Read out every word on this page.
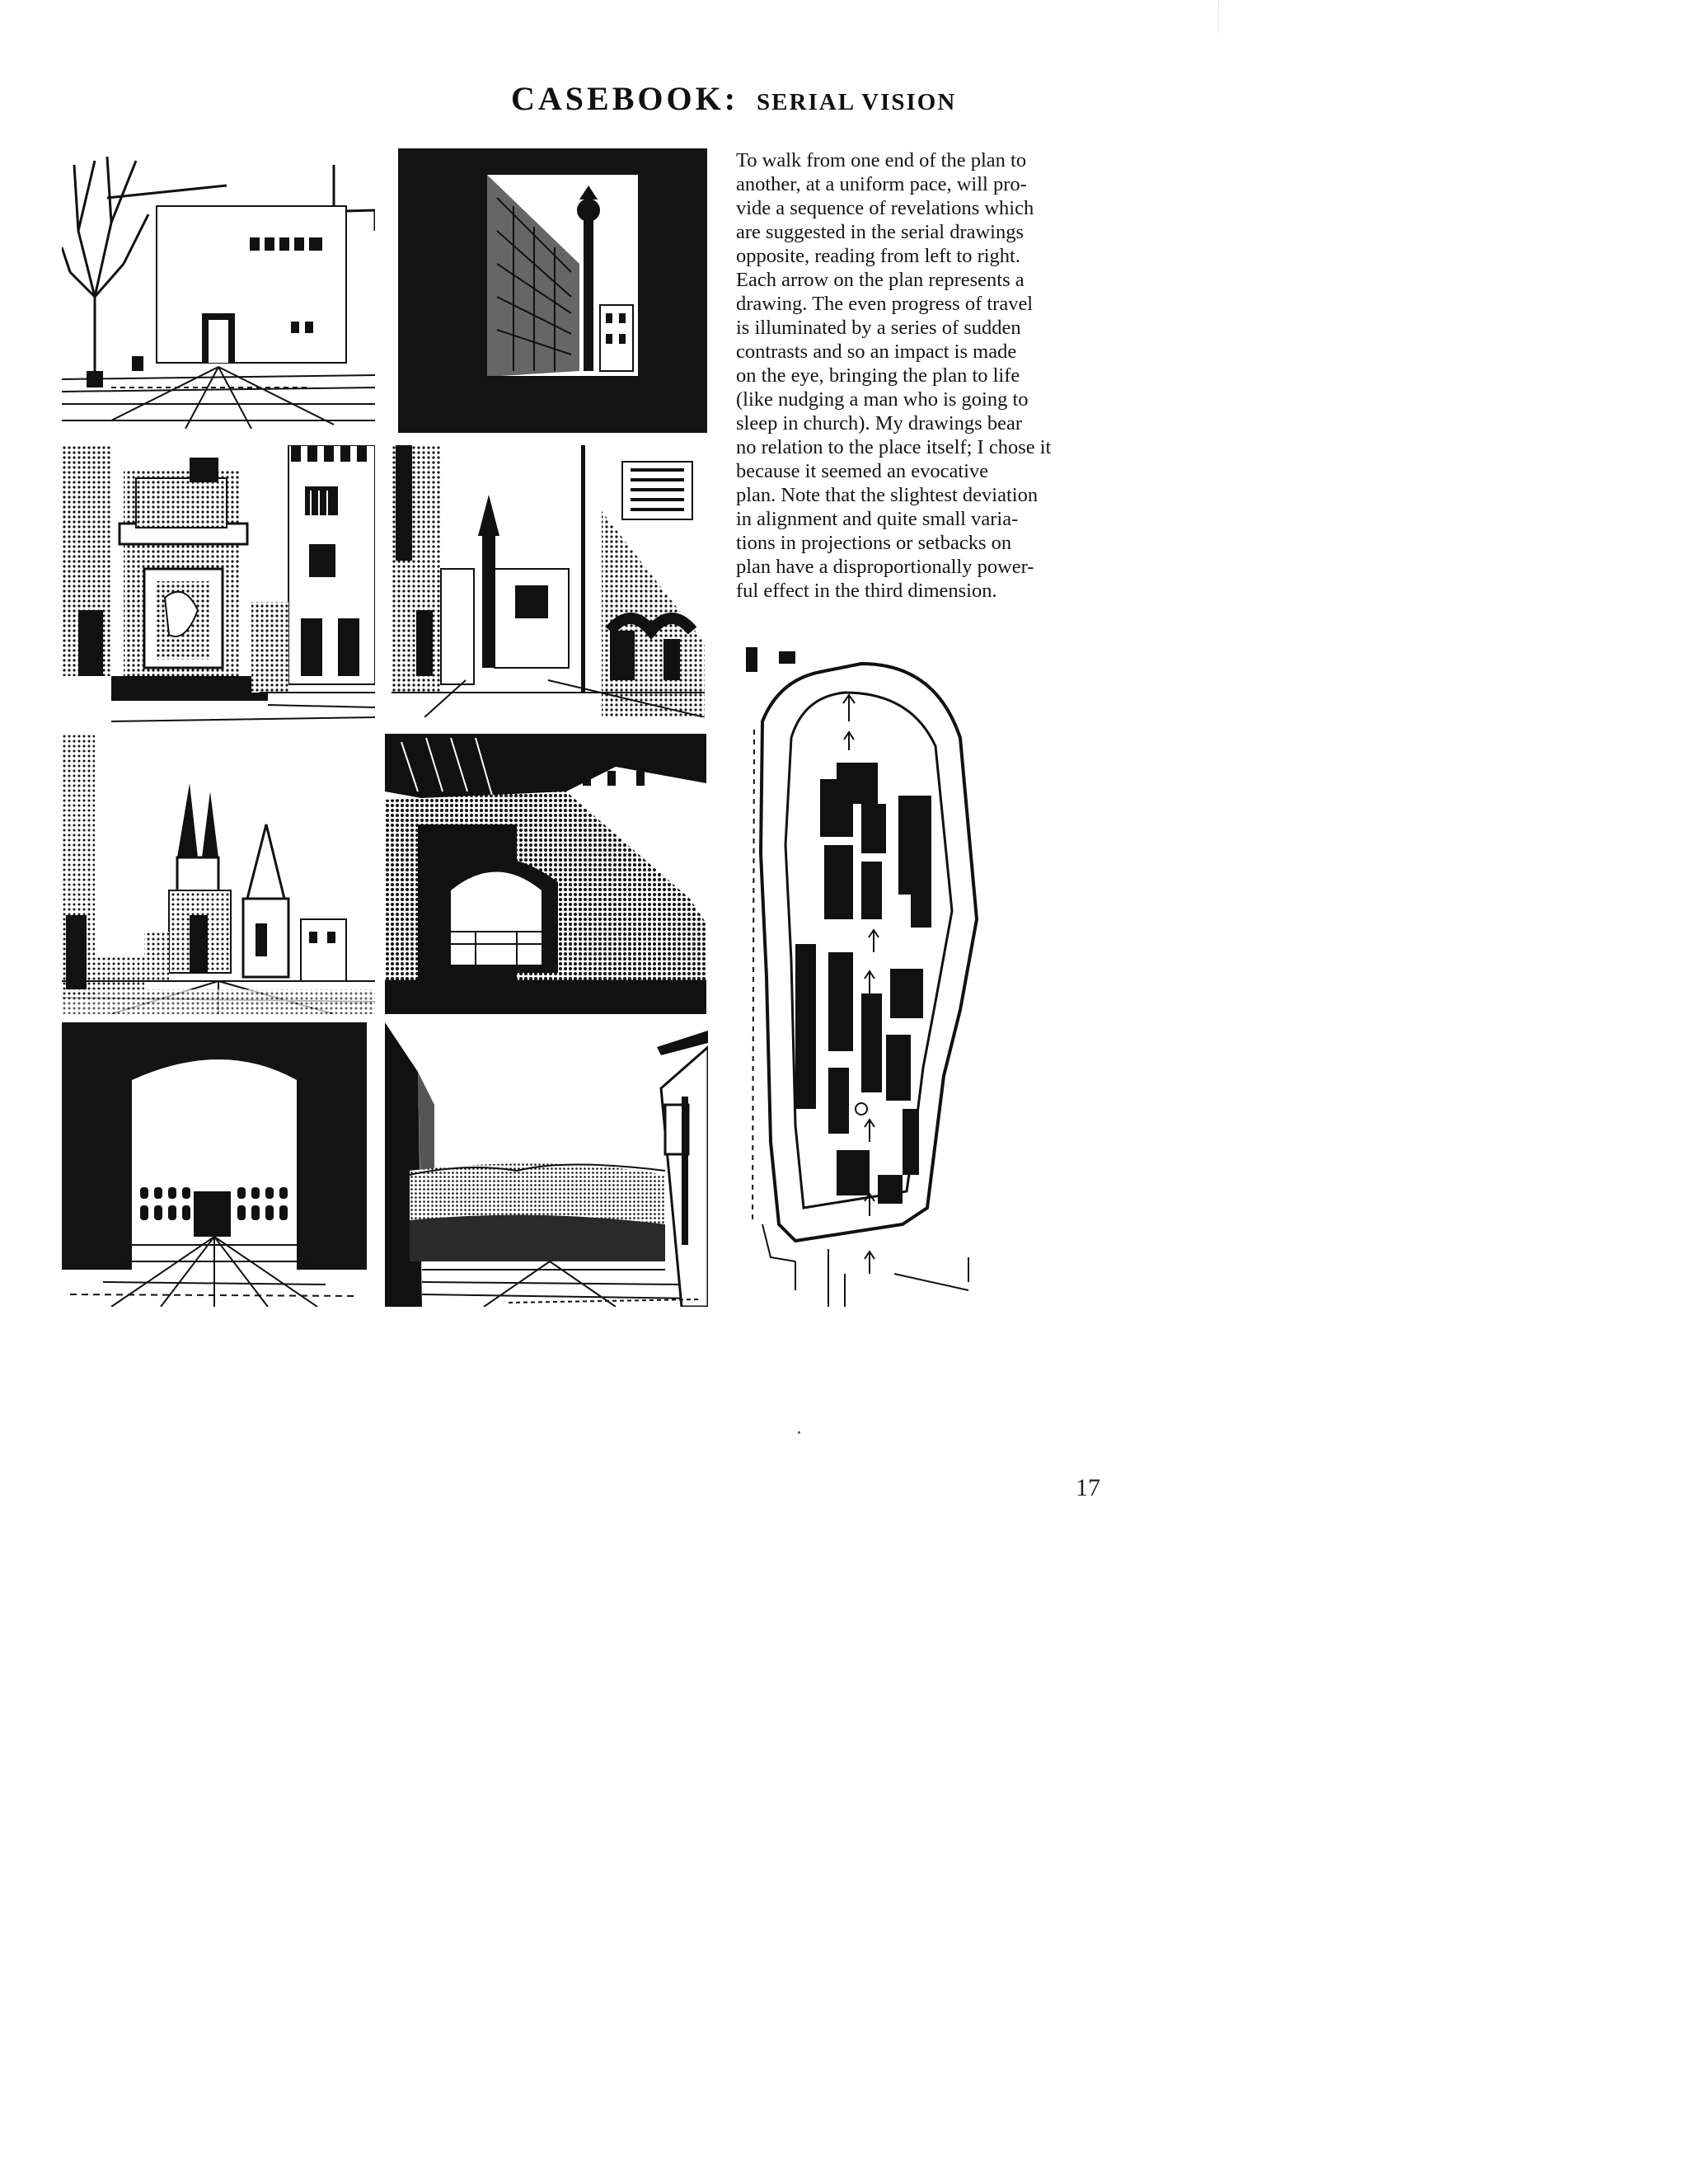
CASEBOOK: SERIAL VISION
To walk from one end of the plan to
another, at a uniform pace, will pro-
vide a sequence of revelations which
are suggested in the serial drawings
opposite, reading from left to right.
Each arrow on the plan represents a
drawing. The even progress of travel
is illuminated by a series of sudden
contrasts and so an impact is made
on the eye, bringing the plan to life
(like nudging a man who is going to
sleep in church). My drawings bear
no relation to the place itself; I chose it
because it seemed an evocative
plan. Note that the slightest deviation
in alignment and quite small varia-
tions in projections or setbacks on
plan have a disproportionally power-
ful effect in the third dimension.
17
